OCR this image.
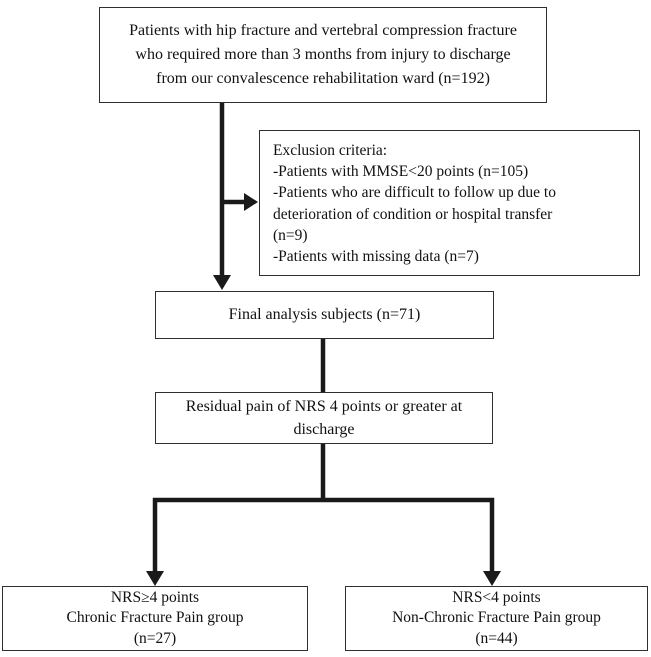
Patients with hip fracture and vertebral compression fracture
who required more than 3 months from injury to discharge
from our convalescence rehabilitation ward (n=192)
Exclusion criteria:
-Patients with MMSE<20 points (n=105)
-Patients who are difficult to follow up due to
deterioration of condition or hospital transfer
(n=9)
-Patients with missing data (n=7)
Final analysis subjects (n=71)
Residual pain of NRS 4 points or greater at
discharge
NRS≥4 points
Chronic Fracture Pain group
(n=27)
NRS<4 points
Non-Chronic Fracture Pain group
(n=44)
